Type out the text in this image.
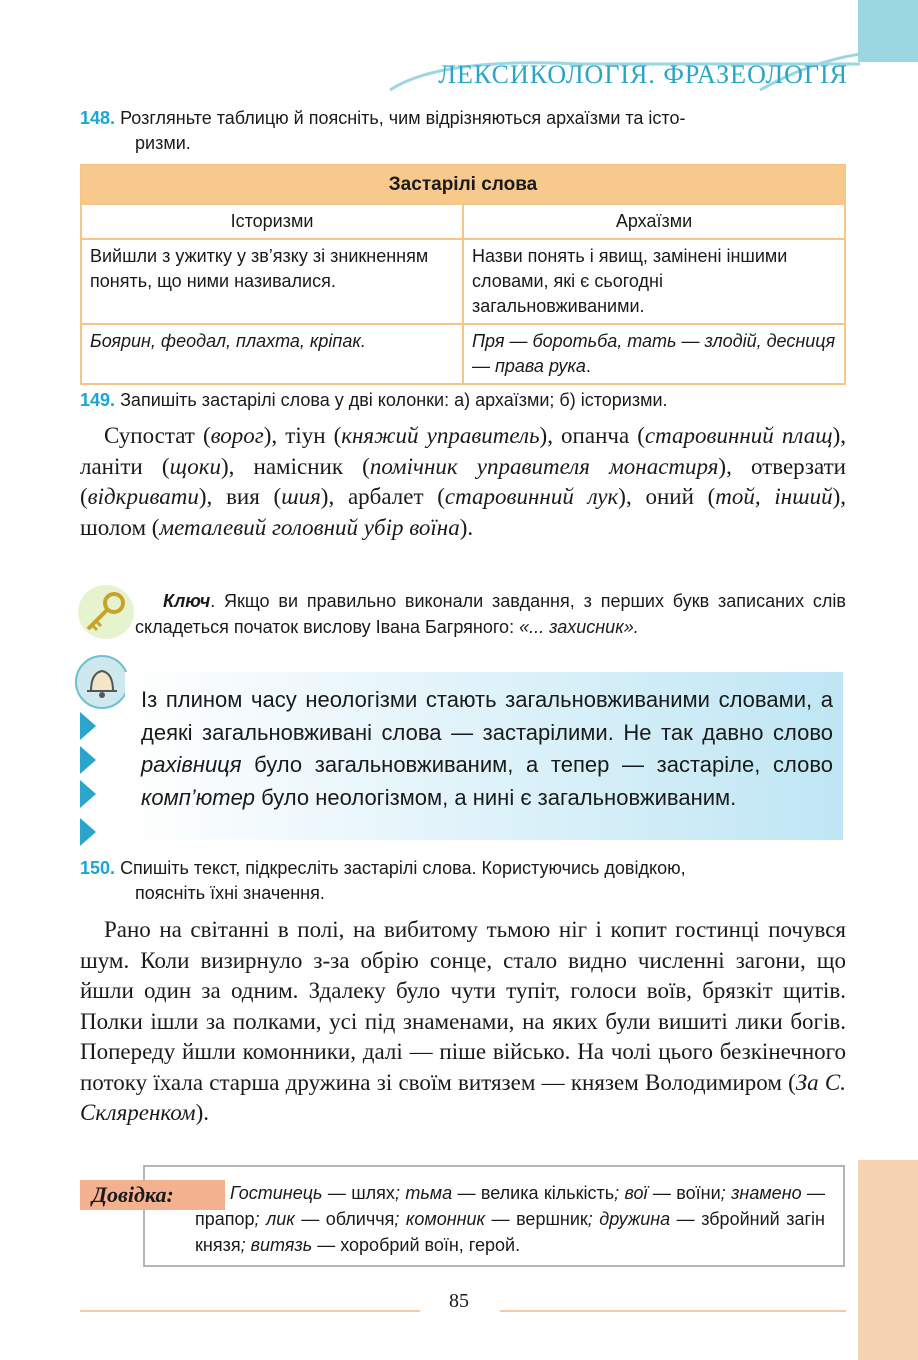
ЛЕКСИКОЛОГІЯ. ФРАЗЕОЛОГІЯ
148. Розгляньте таблицю й поясніть, чим відрізняються архаїзми та істо-
ризми.
Застарілі слова	
Історизми	Архаїзми
Вийшли з ужитку у зв’язку зі зникненням понять, що ними називалися.	Назви понять і явищ, замінені іншими словами, які є сьогодні загальновживаними.
Боярин, феодал, плахта, кріпак.	Пря — боротьба, тать — злодій, десниця — права рука.
149. Запишіть застарілі слова у дві колонки: а) архаїзми; б) історизми.
Супостат (ворог), тіун (княжий управитель), опанча (старовинний плащ), ланіти (щоки), намісник (помічник управителя монастиря), отверзати (відкривати), вия (шия), арбалет (старовинний лук), оний (той, інший), шолом (металевий головний убір воїна).
Ключ. Якщо ви правильно виконали завдання, з перших букв записаних слів складеться початок вислову Івана Багряного: «... захисник».
Із плином часу неологізми стають загальновживаними словами, а деякі загальновживані слова — застарілими. Не так давно слово рахівниця було загальновживаним, а тепер — застаріле, слово комп’ютер було неологізмом, а нині є загальновживаним.
150. Спишіть текст, підкресліть застарілі слова. Користуючись довідкою,
поясніть їхні значення.
Рано на світанні в полі, на вибитому тьмою ніг і копит гостинці почувся шум. Коли визирнуло з-за обрію сонце, стало видно численні загони, що йшли один за одним. Здалеку було чути тупіт, голоси воїв, брязкіт щитів. Полки ішли за полками, усі під знаменами, на яких були вишиті лики богів. Попереду йшли комонники, далі — піше військо. На чолі цього безкінечного потоку їхала старша дружина зі своїм витязем — князем Володимиром (За С. Скляренком).
Довідка:	Гостинець — шлях; тьма — велика кількість; вої — воїни; знамено — прапор; лик — обличчя; комонник — вершник; дружина — збройний загін князя; витязь — хоробрий воїн, герой.
85
